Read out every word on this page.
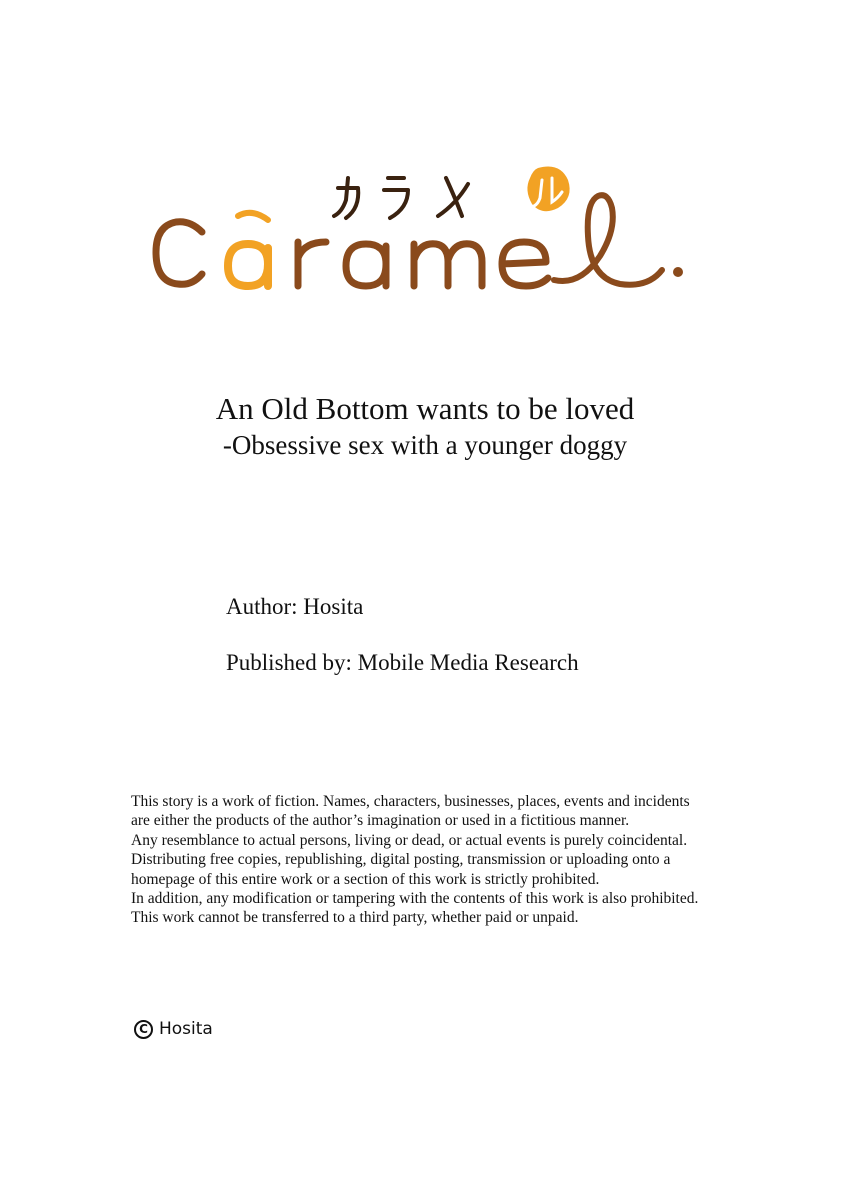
An Old Bottom wants to be loved
-Obsessive sex with a younger doggy

Author: Hosita

Published by: Mobile Media Research

This story is a work of fiction. Names, characters, businesses, places, events and incidents
are either the products of the author’s imagination or used in a fictitious manner.
Any resemblance to actual persons, living or dead, or actual events is purely coincidental.
Distributing free copies, republishing, digital posting, transmission or uploading onto a
homepage of this entire work or a section of this work is strictly prohibited.
In addition, any modification or tampering with the contents of this work is also prohibited.
This work cannot be transferred to a third party, whether paid or unpaid.
C Hosita
